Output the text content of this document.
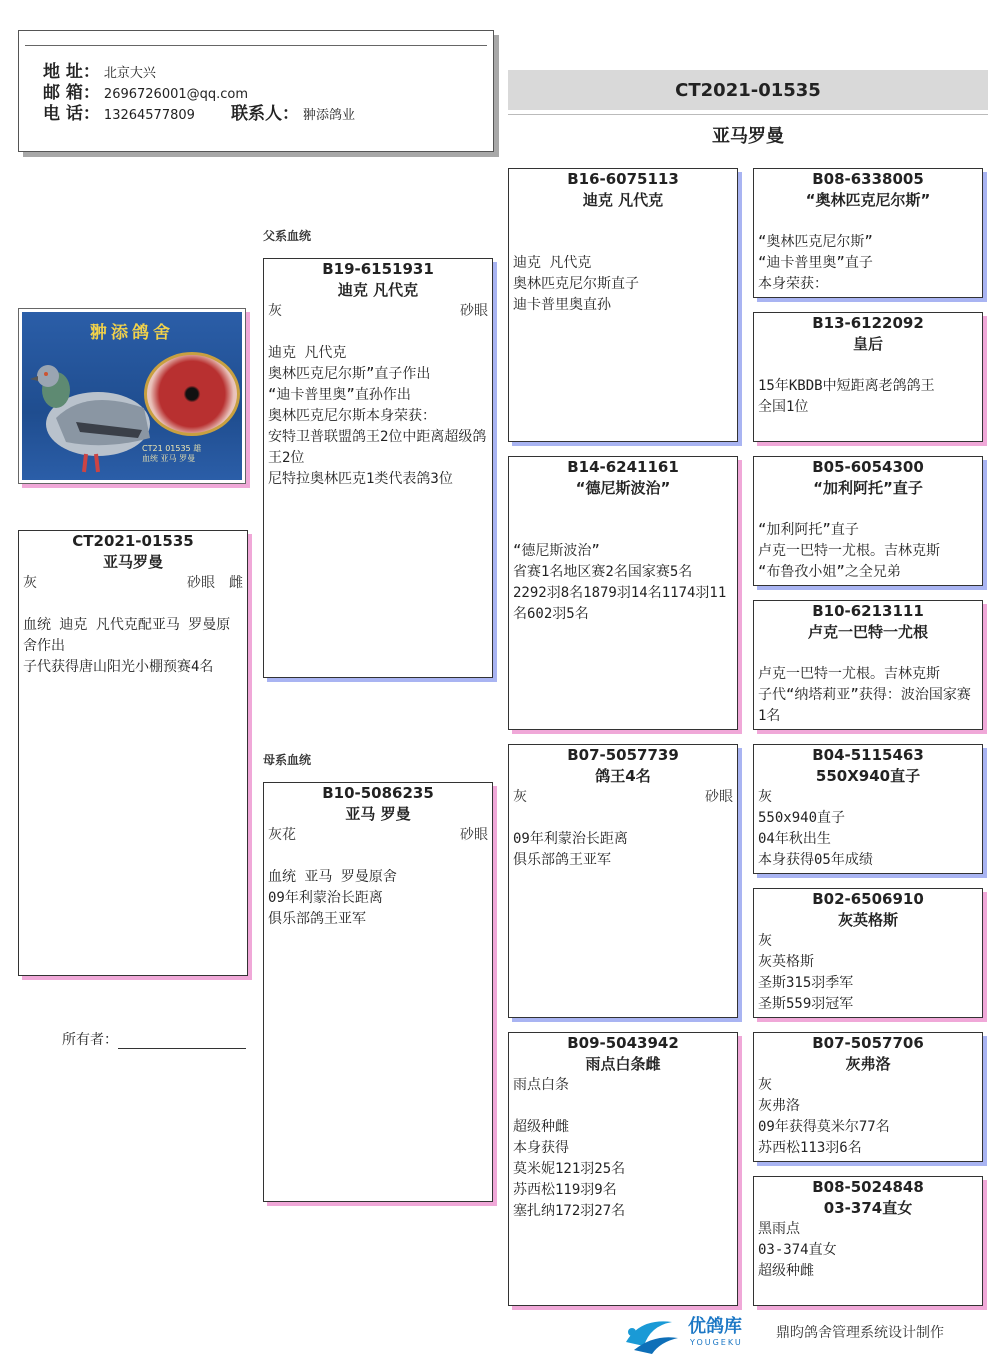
地 址： 北京大兴
邮 箱： 2696726001@qq.com
电 话： 13264577809 联系人： 翀添鸽业
CT2021-01535
亚马罗曼
父系血统
母系血统
翀添鸽舍
CT21 01535 雄
血统 亚马 罗曼
CT2021-01535
亚马罗曼
灰	砂眼 雌

血统 迪克 凡代克配亚马 罗曼原舍作出
子代获得唐山阳光小棚预赛4名
所有者：
B19-6151931
迪克 凡代克
灰	砂眼

迪克 凡代克
奥林匹克尼尔斯”直子作出
“迪卡普里奥”直孙作出
奥林匹克尼尔斯本身荣获：
安特卫普联盟鸽王2位中距离超级鸽王2位
尼特拉奥林匹克1类代表鸽3位
B10-5086235
亚马 罗曼
灰花	砂眼

血统 亚马 罗曼原舍
09年利蒙治长距离
俱乐部鸽王亚军
B16-6075113
迪克 凡代克

迪克 凡代克
奥林匹克尼尔斯直子
迪卡普里奥直孙
B14-6241161
“德尼斯波治”

“德尼斯波治”
省赛1名地区赛2名国家赛5名
2292羽8名1879羽14名1174羽11名602羽5名
B07-5057739
鸽王4名
灰	砂眼

09年利蒙治长距离
俱乐部鸽王亚军
B09-5043942
雨点白条雌
雨点白条

超级种雌
本身获得
莫米妮121羽25名
苏西松119羽9名
塞扎纳172羽27名
B08-6338005
“奥林匹克尼尔斯”

“奥林匹克尼尔斯”
“迪卡普里奥”直子
本身荣获：
B13-6122092
皇后

15年KBDB中短距离老鸽鸽王
全国1位
B05-6054300
“加利阿托”直子

“加利阿托”直子
卢克一巴特一尤根。吉林克斯
“布鲁孜小姐”之全兄弟
B10-6213111
卢克一巴特一尤根

卢克一巴特一尤根。吉林克斯
子代“纳塔莉亚”获得：波治国家赛1名
B04-5115463
550X940直子
灰
550x940直子
04年秋出生
本身获得05年成绩
B02-6506910
灰英格斯
灰
灰英格斯
圣斯315羽季军
圣斯559羽冠军
B07-5057706
灰弗洛
灰
灰弗洛
09年获得莫米尔77名
苏西松113羽6名
B08-5024848
03-374直女
黑雨点
03-374直女
超级种雌
优鸽库
YOUGEKU
鼎昀鸽舍管理系统设计制作
